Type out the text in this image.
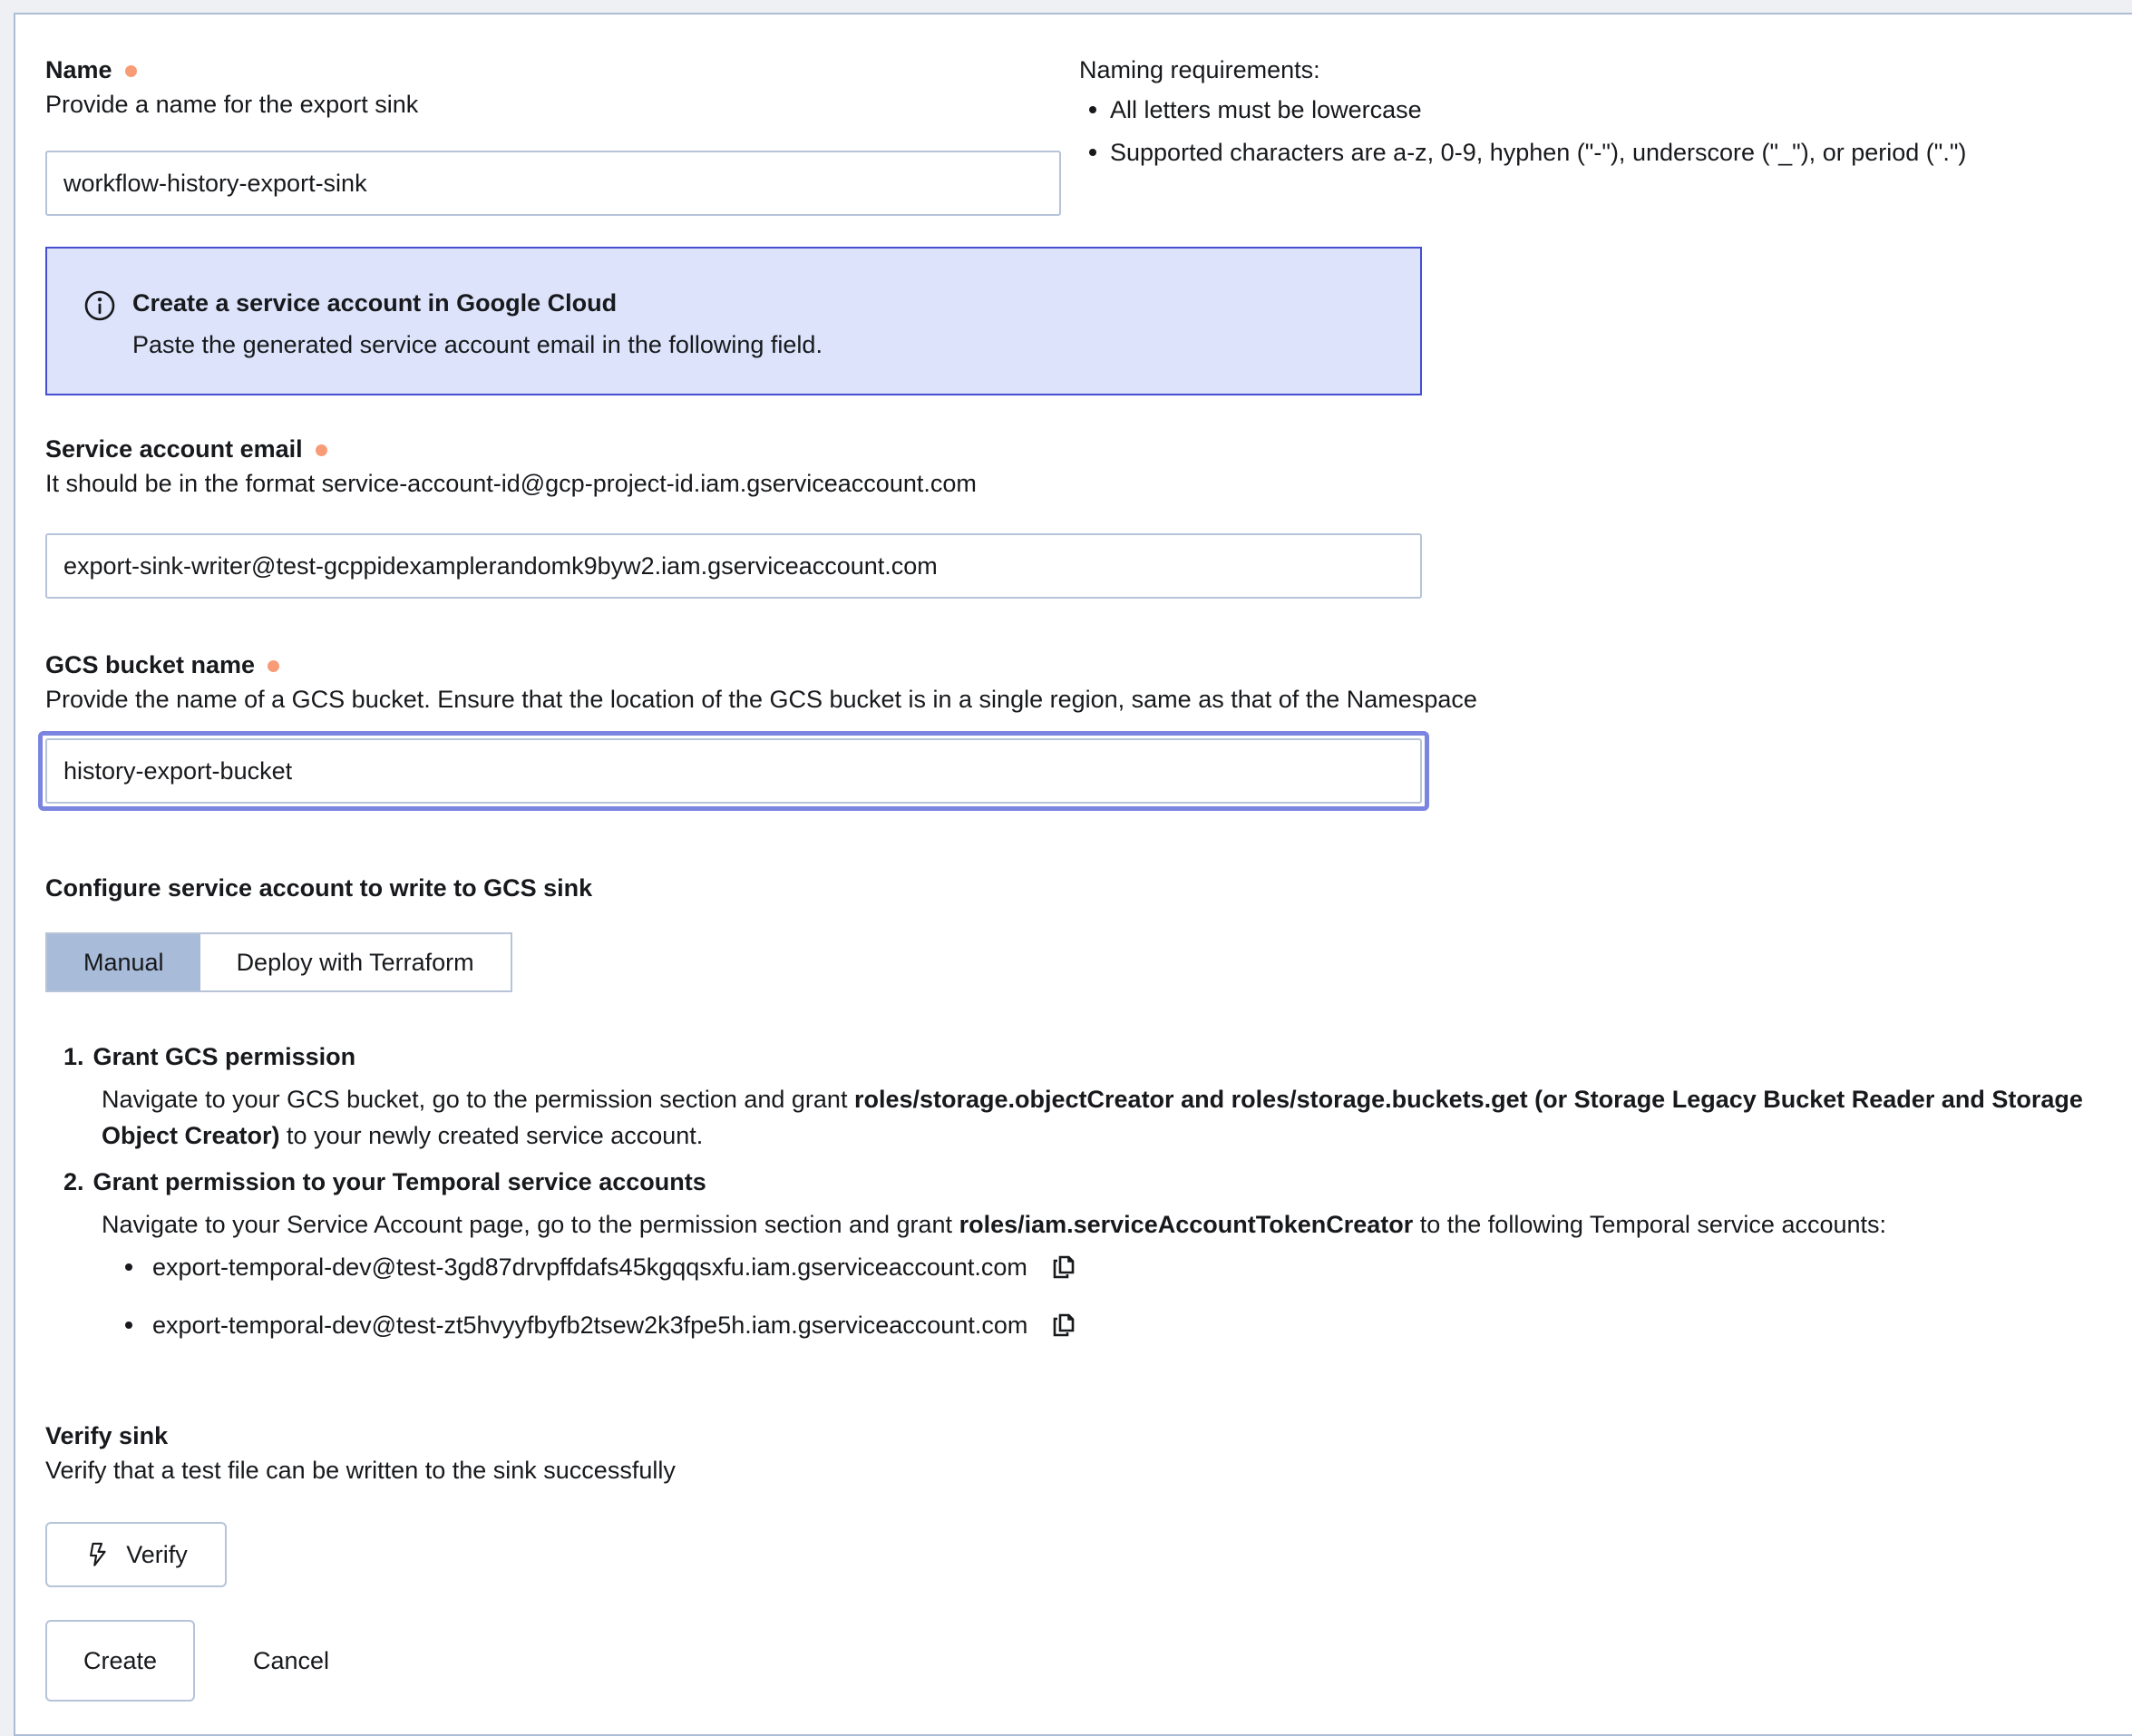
Name
Provide a name for the export sink
workflow-history-export-sink
Naming requirements:
All letters must be lowercase
Supported characters are a-z, 0-9, hyphen ("-"), underscore ("_"), or period (".")
Create a service account in Google Cloud
Paste the generated service account email in the following field.
Service account email
It should be in the format service-account-id@gcp-project-id.iam.gserviceaccount.com
export-sink-writer@test-gcppidexamplerandomk9byw2.iam.gserviceaccount.com
GCS bucket name
Provide the name of a GCS bucket. Ensure that the location of the GCS bucket is in a single region, same as that of the Namespace
history-export-bucket
Configure service account to write to GCS sink
Manual	Deploy with Terraform
1. Grant GCS permission
Navigate to your GCS bucket, go to the permission section and grant roles/storage.objectCreator and roles/storage.buckets.get (or Storage Legacy Bucket Reader and Storage Object Creator) to your newly created service account.
2. Grant permission to your Temporal service accounts
Navigate to your Service Account page, go to the permission section and grant roles/iam.serviceAccountTokenCreator to the following Temporal service accounts:
export-temporal-dev@test-3gd87drvpffdafs45kgqqsxfu.iam.gserviceaccount.com
export-temporal-dev@test-zt5hvyyfbyfb2tsew2k3fpe5h.iam.gserviceaccount.com
Verify sink
Verify that a test file can be written to the sink successfully
Verify
Create	Cancel
